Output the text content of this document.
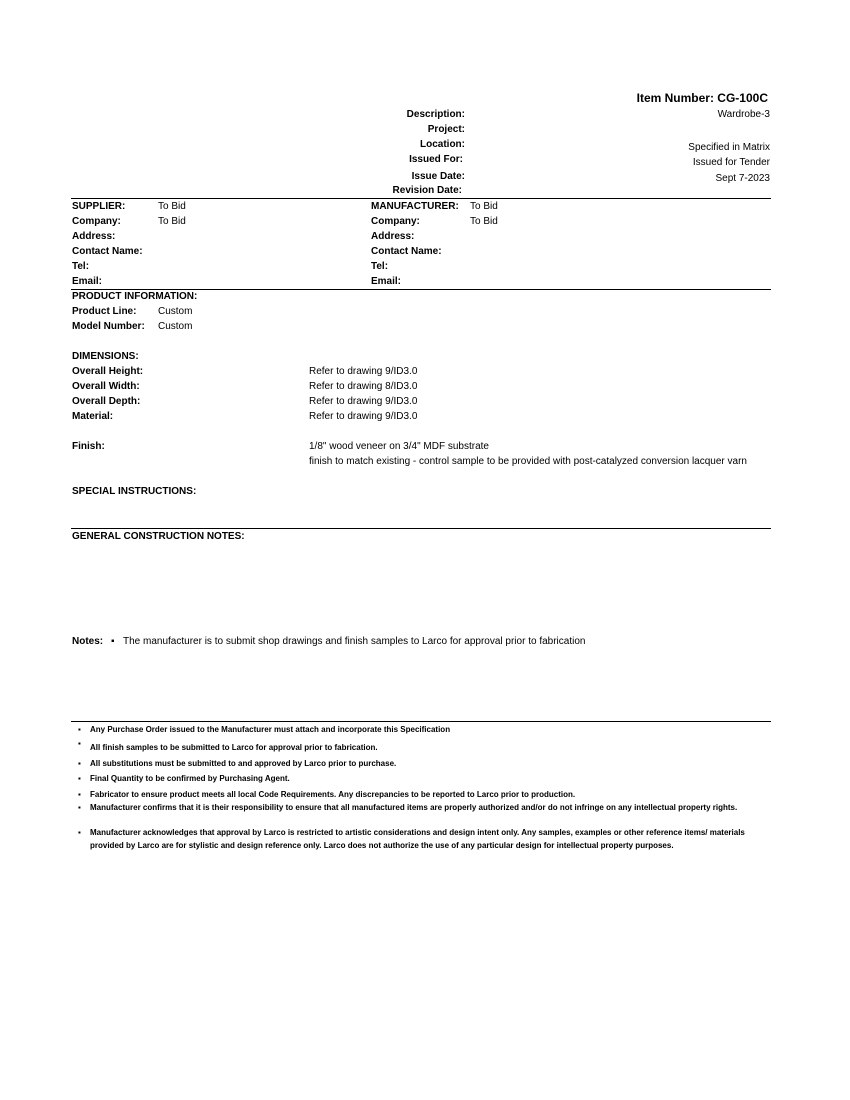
Item Number: CG-100C
Description:	Wardrobe-3
Project:
Location:	Specified in Matrix
Issued For:	Issued for Tender
Issue Date:	Sept 7-2023
Revision Date:
SUPPLIER:	To Bid
Company:	To Bid
Address:
Contact Name:
Tel:
Email:
MANUFACTURER: To Bid
Company:	To Bid
Address:
Contact Name:
Tel:
Email:
PRODUCT INFORMATION:
Product Line: Custom
Model Number: Custom
DIMENSIONS:
Overall Height:	Refer to drawing 9/ID3.0
Overall Width:	Refer to drawing 8/ID3.0
Overall Depth:	Refer to drawing 9/ID3.0
Material:	Refer to drawing 9/ID3.0
Finish:	1/8" wood veneer on 3/4" MDF substrate
finish to match existing - control sample to be provided with post-catalyzed conversion lacquer varn
SPECIAL INSTRUCTIONS:
GENERAL CONSTRUCTION NOTES:
Notes: ▪ The manufacturer is to submit shop drawings and finish samples to Larco for approval prior to fabrication
▪ Any Purchase Order issued to the Manufacturer must attach and incorporate this Specification
▪ All finish samples to be submitted to Larco for approval prior to fabrication.
▪ All substitutions must be submitted to and approved by Larco prior to purchase.
▪ Final Quantity to be confirmed by Purchasing Agent.
▪ Fabricator to ensure product meets all local Code Requirements. Any discrepancies to be reported to Larco prior to production.
▪ Manufacturer confirms that it is their responsibility to ensure that all manufactured items are properly authorized and/or do not infringe on any intellectual property rights.
▪ Manufacturer acknowledges that approval by Larco is restricted to artistic considerations and design intent only. Any samples, examples or other reference items/ materials
provided by Larco are for stylistic and design reference only. Larco does not authorize the use of any particular design for intellectual property purposes.
